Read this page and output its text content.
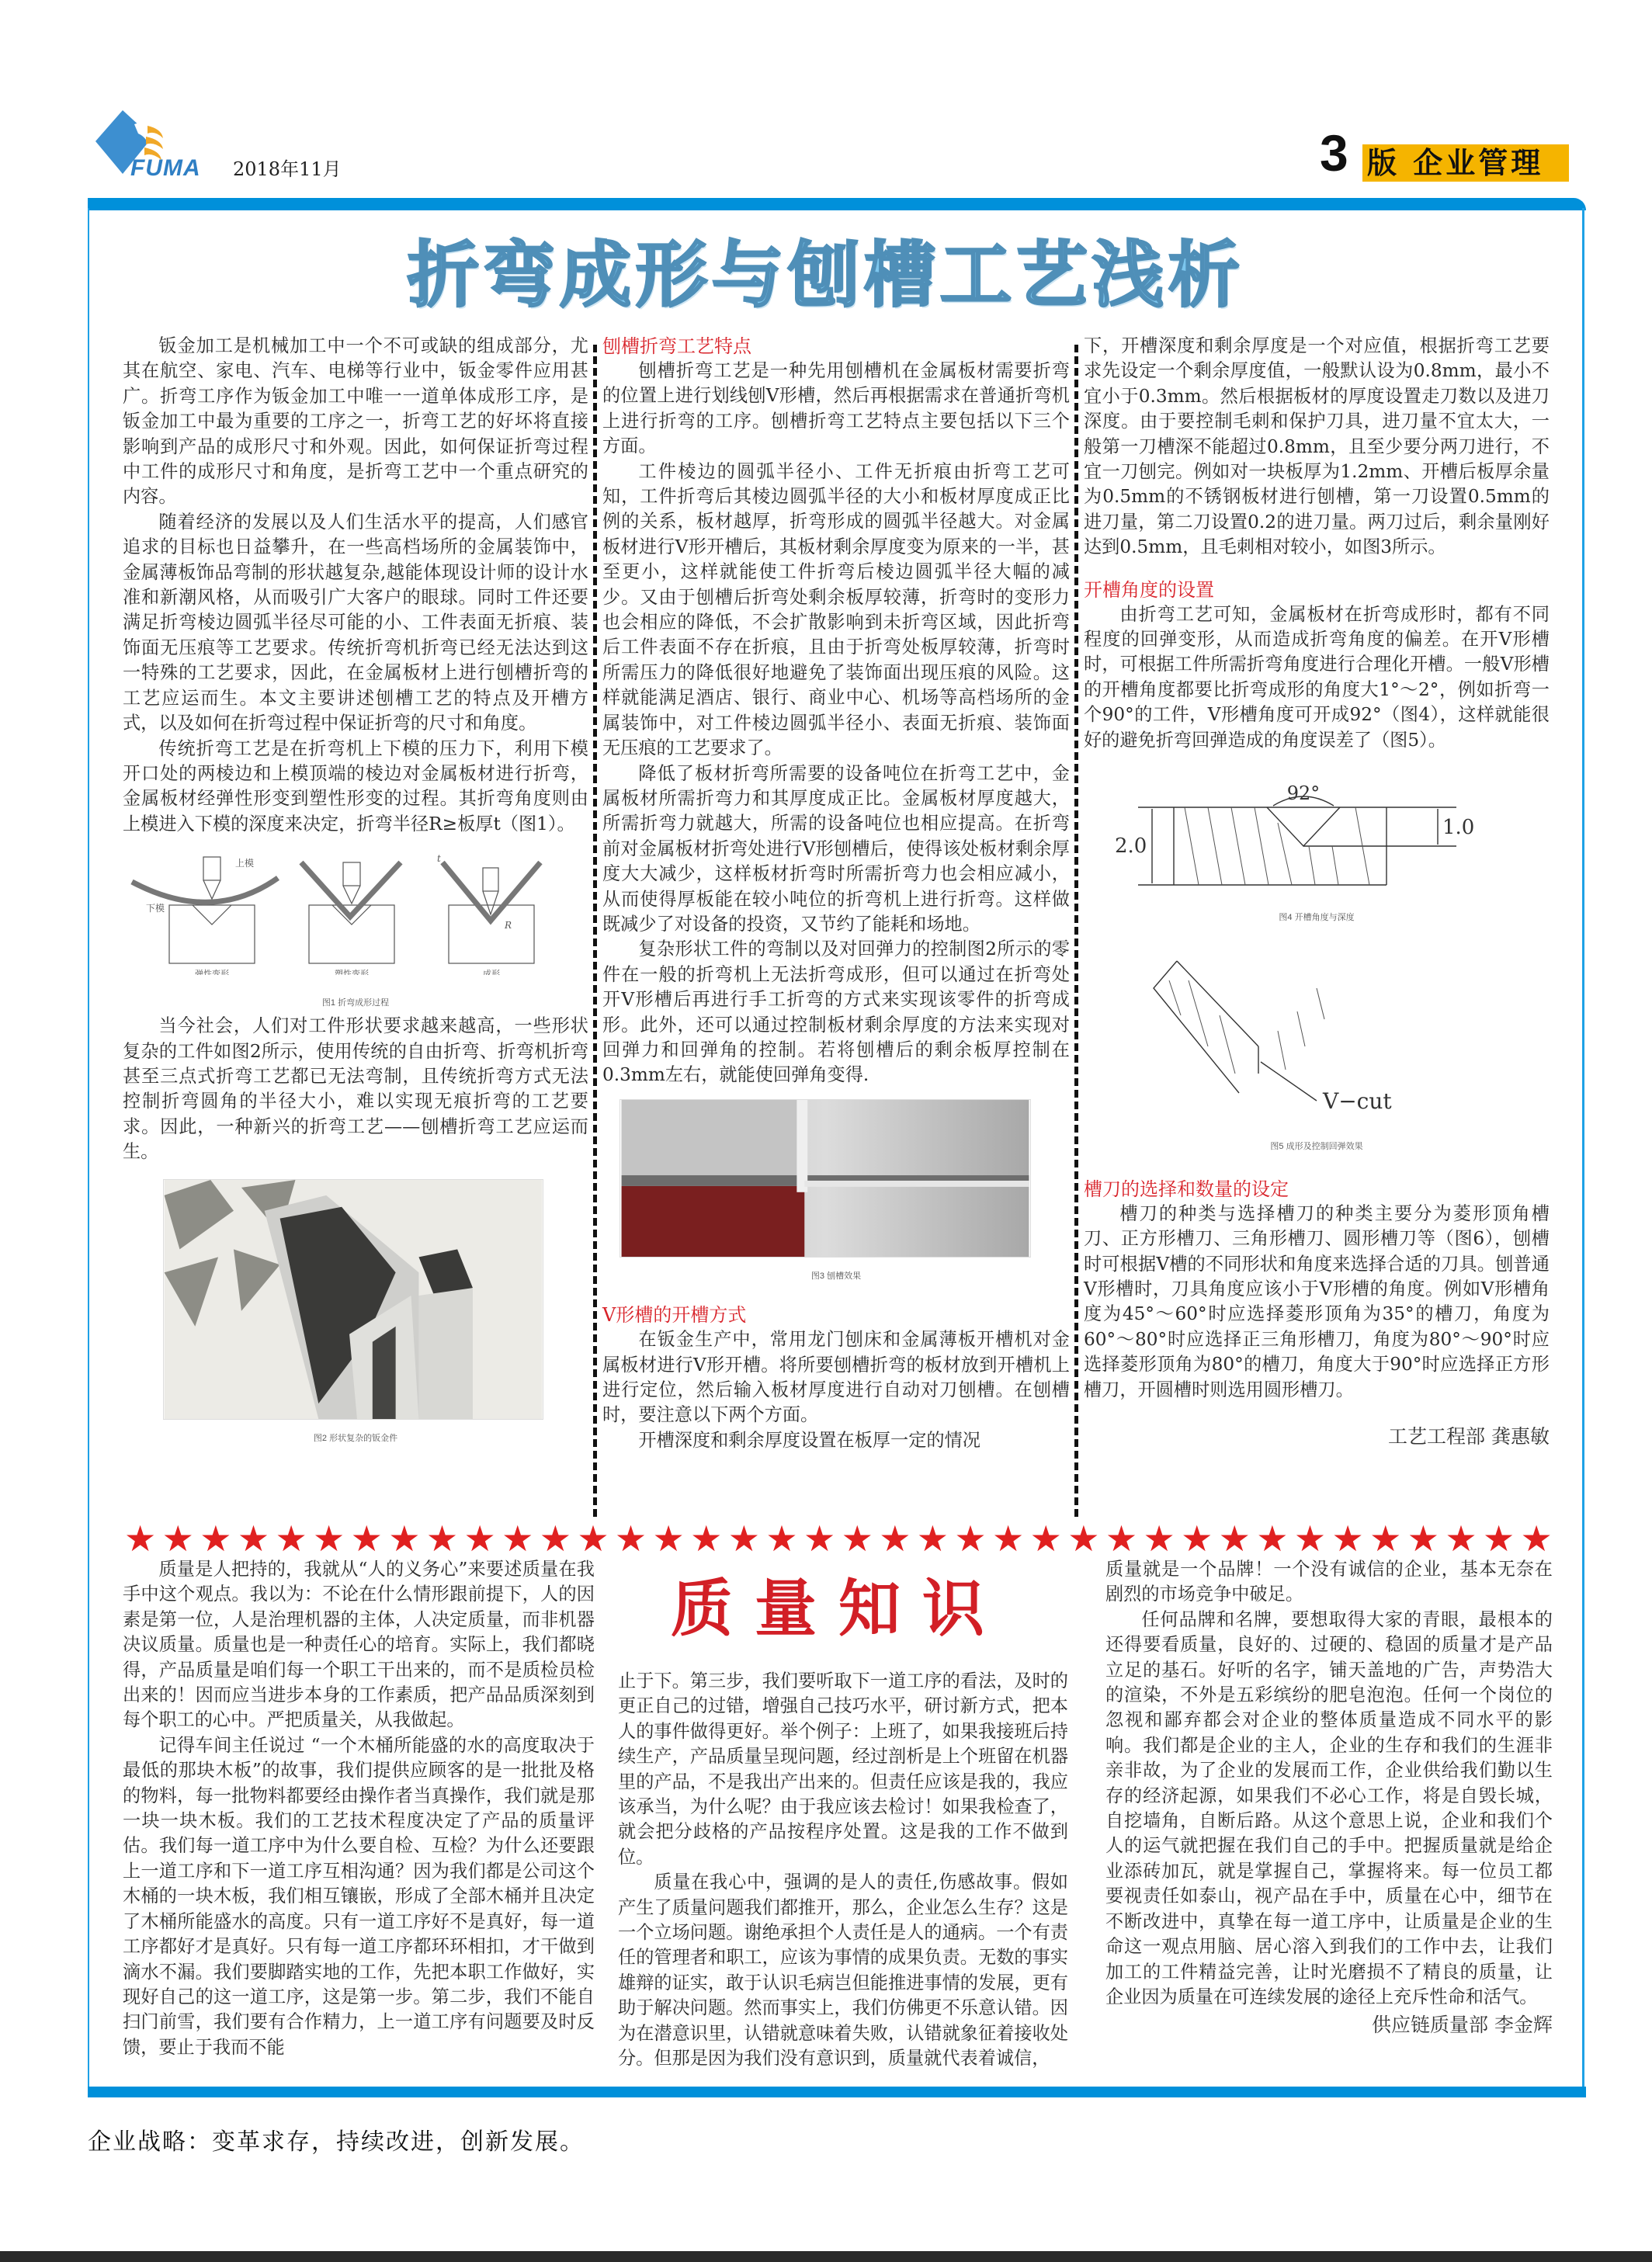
FUMA 2018年11月	3 版 企业管理
折弯成形与刨槽工艺浅析

钣金加工是机械加工中一个不可或缺的组成部分，尤其在航空、家电、汽车、电梯等行业中，钣金零件应用甚广。折弯工序作为钣金加工中唯一一道单体成形工序，是钣金加工中最为重要的工序之一，折弯工艺的好坏将直接影响到产品的成形尺寸和外观。因此，如何保证折弯过程中工件的成形尺寸和角度，是折弯工艺中一个重点研究的内容。

随着经济的发展以及人们生活水平的提高，人们感官追求的目标也日益攀升，在一些高档场所的金属装饰中，金属薄板饰品弯制的形状越复杂,越能体现设计师的设计水准和新潮风格，从而吸引广大客户的眼球。同时工件还要满足折弯棱边圆弧半径尽可能的小、工件表面无折痕、装饰面无压痕等工艺要求。传统折弯机折弯已经无法达到这一特殊的工艺要求，因此，在金属板材上进行刨槽折弯的工艺应运而生。本文主要讲述刨槽工艺的特点及开槽方式，以及如何在折弯过程中保证折弯的尺寸和角度。

传统折弯工艺是在折弯机上下模的压力下，利用下模开口处的两棱边和上模顶端的棱边对金属板材进行折弯，金属板材经弹性形变到塑性形变的过程。其折弯角度则由上模进入下模的深度来决定，折弯半径R≥板厚t（图1）。

上模
下模
t
R
弹性变形	塑性变形	成形
图1 折弯成形过程

当今社会，人们对工件形状要求越来越高，一些形状复杂的工件如图2所示，使用传统的自由折弯、折弯机折弯甚至三点式折弯工艺都已无法弯制，且传统折弯方式无法控制折弯圆角的半径大小，难以实现无痕折弯的工艺要求。因此，一种新兴的折弯工艺——刨槽折弯工艺应运而生。

图2 形状复杂的钣金件
刨槽折弯工艺特点

刨槽折弯工艺是一种先用刨槽机在金属板材需要折弯的位置上进行划线刨V形槽，然后再根据需求在普通折弯机上进行折弯的工序。刨槽折弯工艺特点主要包括以下三个方面。

工件棱边的圆弧半径小、工件无折痕由折弯工艺可知，工件折弯后其棱边圆弧半径的大小和板材厚度成正比例的关系，板材越厚，折弯形成的圆弧半径越大。对金属板材进行V形开槽后，其板材剩余厚度变为原来的一半，甚至更小，这样就能使工件折弯后棱边圆弧半径大幅的减少。又由于刨槽后折弯处剩余板厚较薄，折弯时的变形力也会相应的降低，不会扩散影响到未折弯区域，因此折弯后工件表面不存在折痕，且由于折弯处板厚较薄，折弯时所需压力的降低很好地避免了装饰面出现压痕的风险。这样就能满足酒店、银行、商业中心、机场等高档场所的金属装饰中，对工件棱边圆弧半径小、表面无折痕、装饰面无压痕的工艺要求了。

降低了板材折弯所需要的设备吨位在折弯工艺中，金属板材所需折弯力和其厚度成正比。金属板材厚度越大，所需折弯力就越大，所需的设备吨位也相应提高。在折弯前对金属板材折弯处进行V形刨槽后，使得该处板材剩余厚度大大减少，这样板材折弯时所需折弯力也会相应减小，从而使得厚板能在较小吨位的折弯机上进行折弯。这样做既减少了对设备的投资，又节约了能耗和场地。

复杂形状工件的弯制以及对回弹力的控制图2所示的零件在一般的折弯机上无法折弯成形，但可以通过在折弯处开V形槽后再进行手工折弯的方式来实现该零件的折弯成形。此外，还可以通过控制板材剩余厚度的方法来实现对回弹力和回弹角的控制。若将刨槽后的剩余板厚控制在0.3mm左右，就能使回弹角变得.

图3 刨槽效果
V形槽的开槽方式

在钣金生产中，常用龙门刨床和金属薄板开槽机对金属板材进行V形开槽。将所要刨槽折弯的板材放到开槽机上进行定位，然后输入板材厚度进行自动对刀刨槽。在刨槽时，要注意以下两个方面。

开槽深度和剩余厚度设置在板厚一定的情况

下，开槽深度和剩余厚度是一个对应值，根据折弯工艺要求先设定一个剩余厚度值，一般默认设为0.8mm，最小不宜小于0.3mm。然后根据板材的厚度设置走刀数以及进刀深度。由于要控制毛刺和保护刀具，进刀量不宜太大，一般第一刀槽深不能超过0.8mm，且至少要分两刀进行，不宜一刀刨完。例如对一块板厚为1.2mm、开槽后板厚余量为0.5mm的不锈钢板材进行刨槽，第一刀设置0.5mm的进刀量，第二刀设置0.2的进刀量。两刀过后，剩余量刚好达到0.5mm，且毛刺相对较小，如图3所示。

开槽角度的设置

由折弯工艺可知，金属板材在折弯成形时，都有不同程度的回弹变形，从而造成折弯角度的偏差。在开V形槽时，可根据工件所需折弯角度进行合理化开槽。一般V形槽的开槽角度都要比折弯成形的角度大1°～2°，例如折弯一个90°的工件，V形槽角度可开成92°（图4），这样就能很好的避免折弯回弹造成的角度误差了（图5）。

92°
2.0
1.0
图4 开槽角度与深度
V−cut
图5 成形及控制回弹效果
槽刀的选择和数量的设定

槽刀的种类与选择槽刀的种类主要分为菱形顶角槽刀、正方形槽刀、三角形槽刀、圆形槽刀等（图6），刨槽时可根据V槽的不同形状和角度来选择合适的刀具。刨普通V形槽时，刀具角度应该小于V形槽的角度。例如V形槽角度为45°～60°时应选择菱形顶角为35°的槽刀，角度为60°～80°时应选择正三角形槽刀，角度为80°～90°时应选择菱形顶角为80°的槽刀，角度大于90°时应选择正方形槽刀，开圆槽时则选用圆形槽刀。

工艺工程部 龚惠敏
★ ★ ★ ★ ★ ★ ★ ★ ★ ★ ★ ★ ★ ★ ★ ★ ★ ★ ★ ★ ★ ★ ★ ★ ★ ★ ★ ★ ★ ★ ★ ★ ★ ★ ★ ★ ★ ★
质量知识

质量是人把持的，我就从“人的义务心”来要述质量在我手中这个观点。我以为：不论在什么情形跟前提下，人的因素是第一位，人是治理机器的主体，人决定质量，而非机器决议质量。质量也是一种责任心的培育。实际上，我们都晓得，产品质量是咱们每一个职工干出来的，而不是质检员检出来的！因而应当进步本身的工作素质，把产品品质深刻到每个职工的心中。严把质量关，从我做起。

记得车间主任说过 “一个木桶所能盛的水的高度取决于最低的那块木板”的故事，我们提供应顾客的是一批批及格的物料，每一批物料都要经由操作者当真操作，我们就是那一块一块木板。我们的工艺技术程度决定了产品的质量评估。我们每一道工序中为什么要自检、互检？为什么还要跟上一道工序和下一道工序互相沟通？因为我们都是公司这个木桶的一块木板，我们相互镶嵌，形成了全部木桶并且决定了木桶所能盛水的高度。只有一道工序好不是真好，每一道工序都好才是真好。只有每一道工序都环环相扣，才干做到滴水不漏。我们要脚踏实地的工作，先把本职工作做好，实现好自己的这一道工序，这是第一步。第二步，我们不能自扫门前雪，我们要有合作精力，上一道工序有问题要及时反馈，要止于我而不能

止于下。第三步，我们要听取下一道工序的看法，及时的更正自己的过错，增强自己技巧水平，研讨新方式，把本人的事件做得更好。举个例子：上班了，如果我接班后持续生产，产品质量呈现问题，经过剖析是上个班留在机器里的产品，不是我出产出来的。但责任应该是我的，我应该承当，为什么呢？由于我应该去检讨！如果我检查了，就会把分歧格的产品按程序处置。这是我的工作不做到位。

质量在我心中，强调的是人的责任,伤感故事。假如产生了质量问题我们都推开，那么，企业怎么生存？这是一个立场问题。谢绝承担个人责任是人的通病。一个有责任的管理者和职工，应该为事情的成果负责。无数的事实雄辩的证实，敢于认识毛病岂但能推进事情的发展，更有助于解决问题。然而事实上，我们仿佛更不乐意认错。因为在潜意识里，认错就意味着失败，认错就象征着接收处分。但那是因为我们没有意识到，质量就代表着诚信，

质量就是一个品牌！一个没有诚信的企业，基本无奈在剧烈的市场竞争中破足。

任何品牌和名牌，要想取得大家的青眼，最根本的还得要看质量，良好的、过硬的、稳固的质量才是产品立足的基石。好听的名字，铺天盖地的广告，声势浩大的渲染，不外是五彩缤纷的肥皂泡泡。任何一个岗位的忽视和鄙弃都会对企业的整体质量造成不同水平的影响。我们都是企业的主人，企业的生存和我们的生涯非亲非故，为了企业的发展而工作，企业供给我们勤以生存的经济起源，如果我们不必心工作，将是自毁长城，自挖墙角，自断后路。从这个意思上说，企业和我们个人的运气就把握在我们自己的手中。把握质量就是给企业添砖加瓦，就是掌握自己，掌握将来。每一位员工都要视责任如泰山，视产品在手中，质量在心中，细节在不断改进中，真挚在每一道工序中，让质量是企业的生命这一观点用脑、居心溶入到我们的工作中去，让我们加工的工件精益完善，让时光磨损不了精良的质量，让企业因为质量在可连续发展的途径上充斥性命和活气。

供应链质量部 李金辉
企业战略：变革求存，持续改进，创新发展。
